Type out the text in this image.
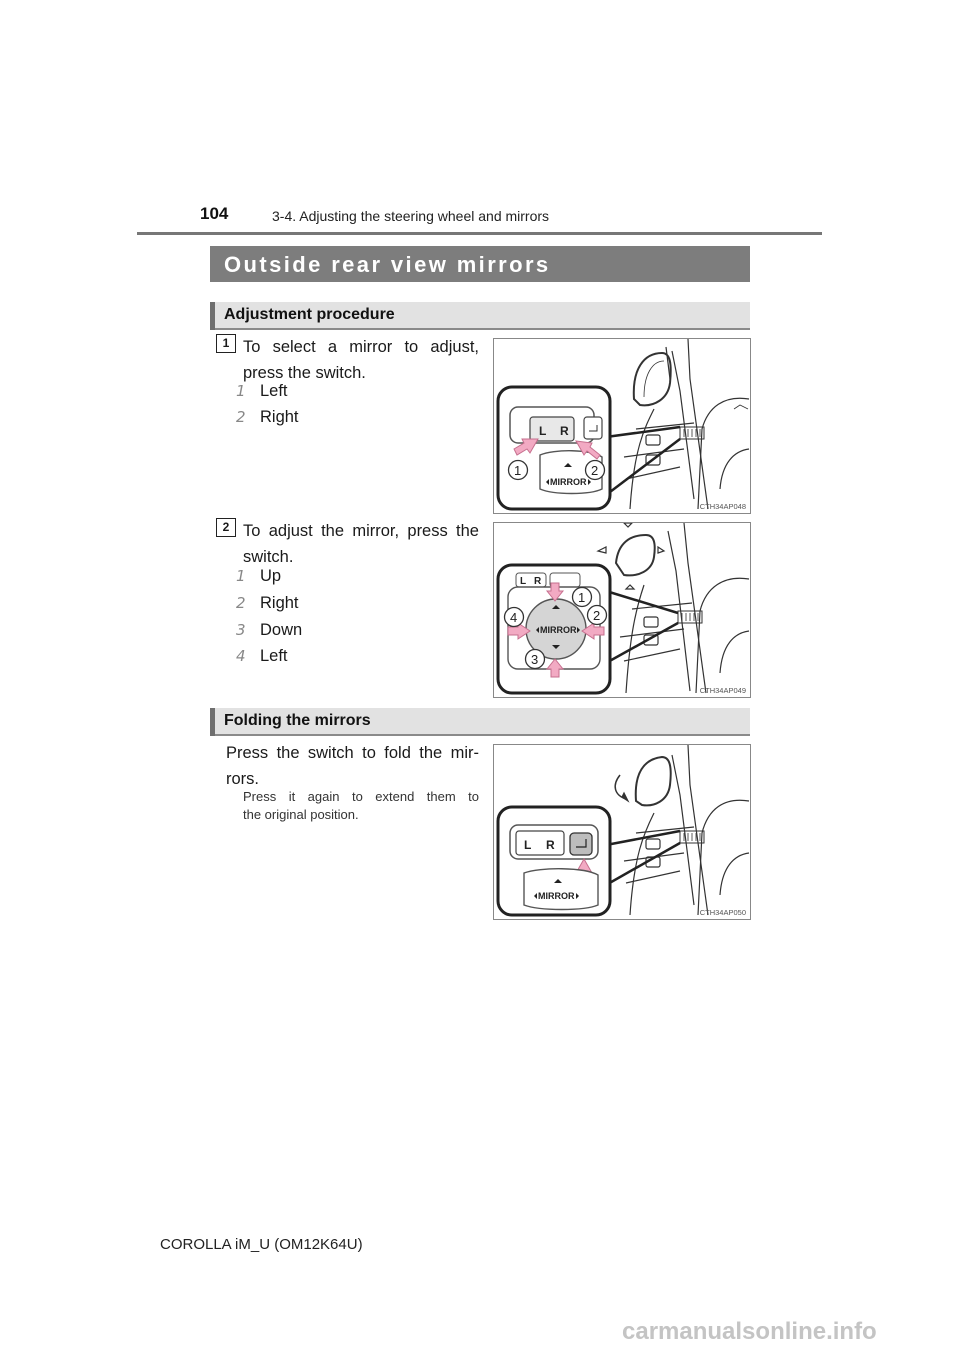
104	3-4. Adjusting the steering wheel and mirrors
Outside rear view mirrors
Adjustment procedure
1 To select a mirror to adjust,
press the switch.
1 Left
2 Right
L R
MIRROR
1	2
CTH34AP048
2 To adjust the mirror, press the
switch.
1 Up
2 Right
3 Down
4 Left
L R
MIRROR
1
2
3
4
CTH34AP049
Folding the mirrors
Press the switch to fold the mir-
rors.
Press it again to extend them to
the original position.
L R
MIRROR
CTH34AP050
COROLLA iM_U (OM12K64U)
carmanualsonline.info
